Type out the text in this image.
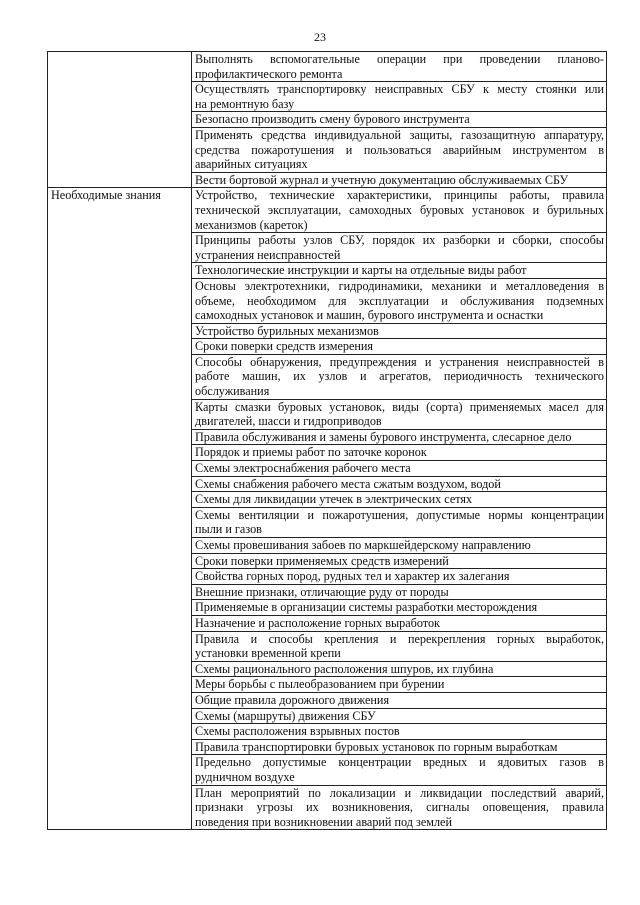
23

	Выполнять вспомогательные операции при проведении планово-
профилактического ремонта

	Осуществлять транспортировку неисправных СБУ к месту стоянки или
на ремонтную базу

	Безопасно производить смену бурового инструмента

	Применять средства индивидуальной защиты, газозащитную аппаратуру,
средства пожаротушения и пользоваться аварийным инструментом в
аварийных ситуациях

	Вести бортовой журнал и учетную документацию обслуживаемых СБУ

Необходимые знания	Устройство, технические характеристики, принципы работы, правила
технической эксплуатации, самоходных буровых установок и бурильных
механизмов (кареток)

	Принципы работы узлов СБУ, порядок их разборки и сборки, способы
устранения неисправностей

	Технологические инструкции и карты на отдельные виды работ

	Основы электротехники, гидродинамики, механики и металловедения в
объеме, необходимом для эксплуатации и обслуживания подземных
самоходных установок и машин, бурового инструмента и оснастки

	Устройство бурильных механизмов

	Сроки поверки средств измерения

	Способы обнаружения, предупреждения и устранения неисправностей в
работе машин, их узлов и агрегатов, периодичность технического
обслуживания

	Карты смазки буровых установок, виды (сорта) применяемых масел для
двигателей, шасси и гидроприводов

	Правила обслуживания и замены бурового инструмента, слесарное дело

	Порядок и приемы работ по заточке коронок

	Схемы электроснабжения рабочего места

	Схемы снабжения рабочего места сжатым воздухом, водой

	Схемы для ликвидации утечек в электрических сетях

	Схемы вентиляции и пожаротушения, допустимые нормы концентрации
пыли и газов

	Схемы провешивания забоев по маркшейдерскому направлению

	Сроки поверки применяемых средств измерений

	Свойства горных пород, рудных тел и характер их залегания

	Внешние признаки, отличающие руду от породы

	Применяемые в организации системы разработки месторождения

	Назначение и расположение горных выработок

	Правила и способы крепления и перекрепления горных выработок,
установки временной крепи

	Схемы рационального расположения шпуров, их глубина

	Меры борьбы с пылеобразованием при бурении

	Общие правила дорожного движения

	Схемы (маршруты) движения СБУ

	Схемы расположения взрывных постов

	Правила транспортировки буровых установок по горным выработкам

	Предельно допустимые концентрации вредных и ядовитых газов в
рудничном воздухе

	План мероприятий по локализации и ликвидации последствий аварий,
признаки угрозы их возникновения, сигналы оповещения, правила
поведения при возникновении аварий под землей
